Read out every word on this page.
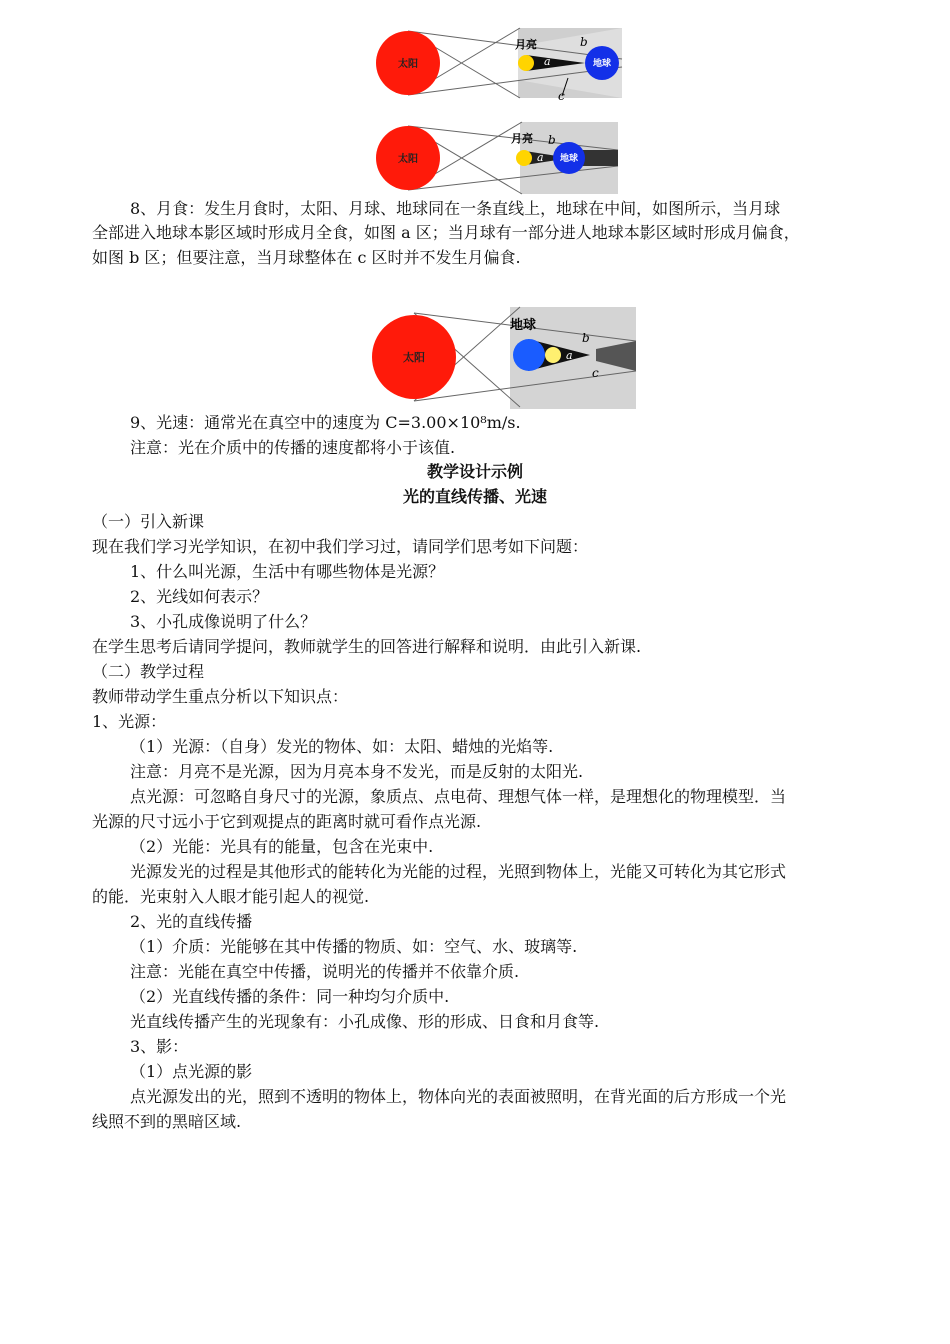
太阳
月亮
地球
a
b
c
太阳
月亮
地球
a
b
8、月食：发生月食时，太阳、月球、地球同在一条直线上，地球在中间，如图所示，当月球
全部进入地球本影区域时形成月全食，如图 a 区；当月球有一部分进人地球本影区域时形成月偏食，
如图 b 区；但要注意，当月球整体在 c 区时并不发生月偏食.
太阳
地球
a
b
c
9、光速：通常光在真空中的速度为 C=3.00×10⁸m/s.
注意：光在介质中的传播的速度都将小于该值.
教学设计示例
光的直线传播、光速
（一）引入新课
现在我们学习光学知识，在初中我们学习过，请同学们思考如下问题：
1、什么叫光源，生活中有哪些物体是光源？
2、光线如何表示？
3、小孔成像说明了什么？
在学生思考后请同学提问，教师就学生的回答进行解释和说明．由此引入新课.
（二）教学过程
教师带动学生重点分析以下知识点：
1、光源：
（1）光源：（自身）发光的物体、如：太阳、蜡烛的光焰等.
注意：月亮不是光源，因为月亮本身不发光，而是反射的太阳光.
点光源：可忽略自身尺寸的光源，象质点、点电荷、理想气体一样，是理想化的物理模型．当
光源的尺寸远小于它到观提点的距离时就可看作点光源.
（2）光能：光具有的能量，包含在光束中.
光源发光的过程是其他形式的能转化为光能的过程，光照到物体上，光能又可转化为其它形式
的能．光束射入人眼才能引起人的视觉.
2、光的直线传播
（1）介质：光能够在其中传播的物质、如：空气、水、玻璃等.
注意：光能在真空中传播，说明光的传播并不依靠介质.
（2）光直线传播的条件：同一种均匀介质中.
光直线传播产生的光现象有：小孔成像、形的形成、日食和月食等.
3、影：
（1）点光源的影
点光源发出的光，照到不透明的物体上，物体向光的表面被照明，在背光面的后方形成一个光
线照不到的黑暗区域.
